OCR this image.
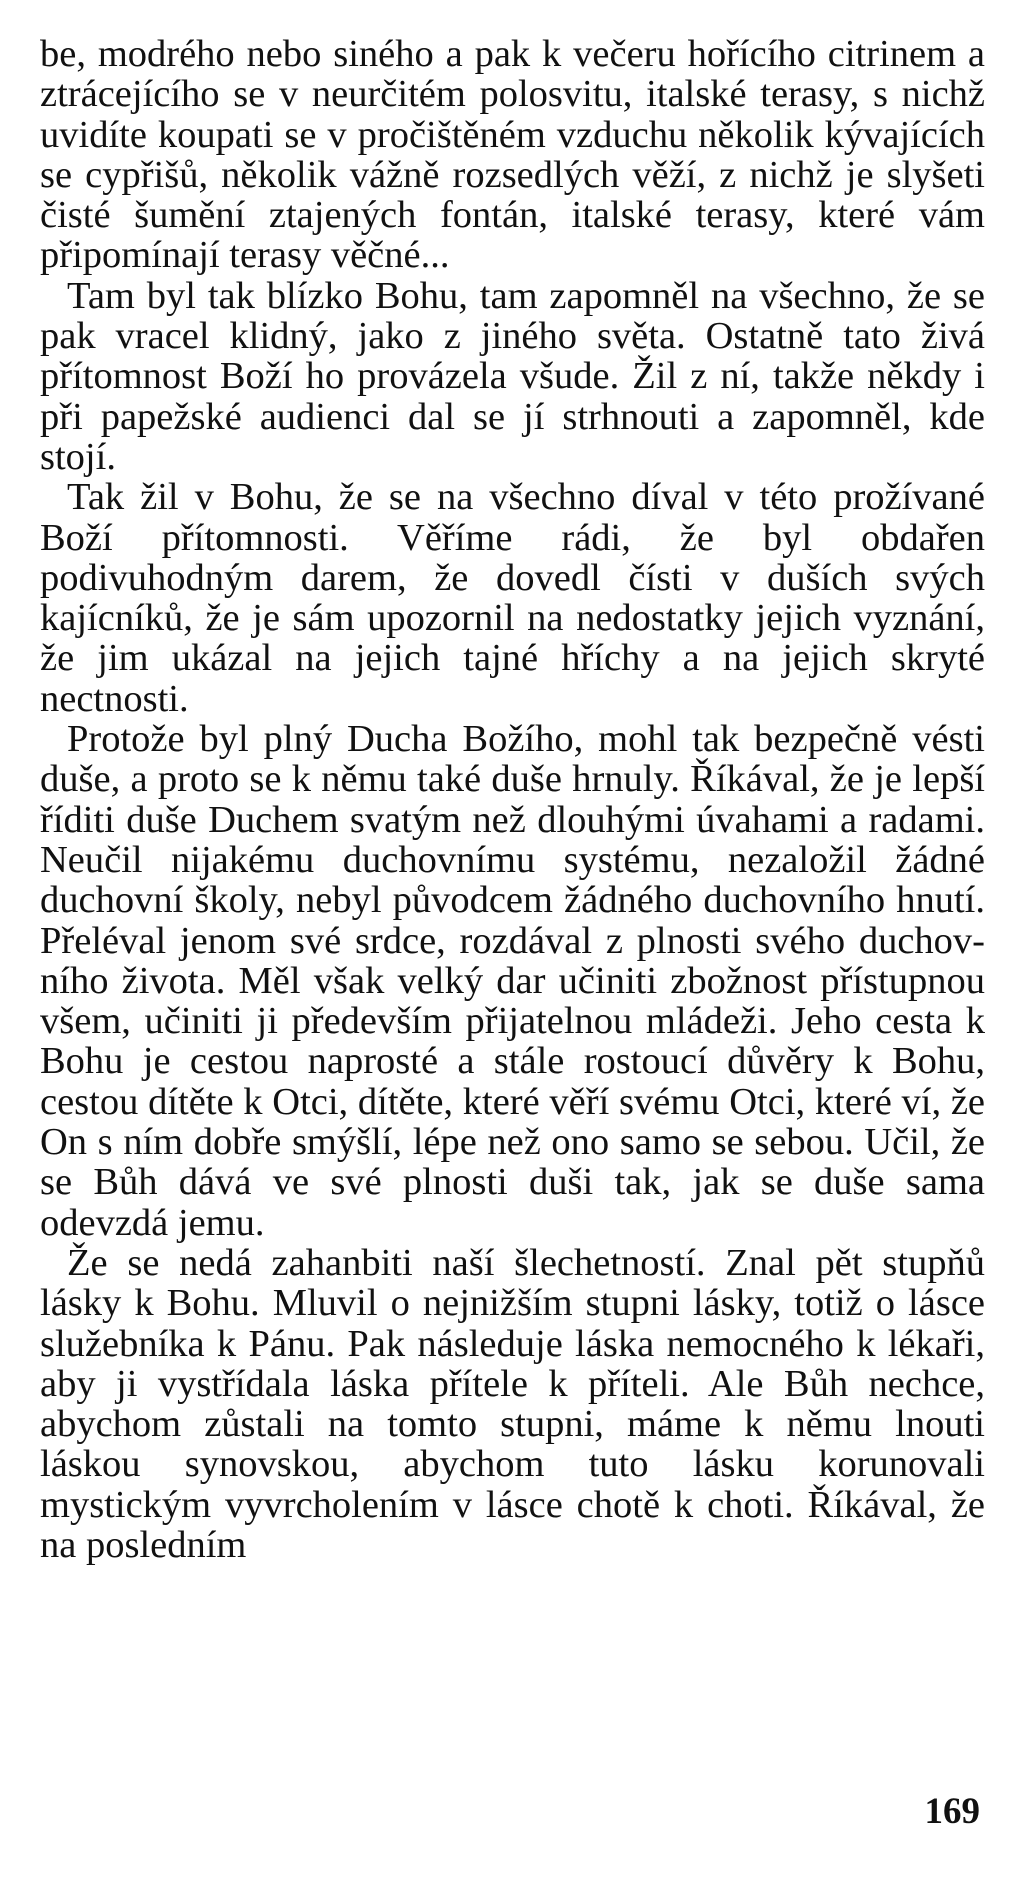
be, modrého nebo siného a pak k večeru hořícího citrinem a ztrácejícího se v neurčitém polosvitu, italské terasy, s nichž uvidíte koupati se v pročištěném vzduchu několik kývajících se cypřišů, několik vážně rozsedlých věží, z nichž je slyšeti čisté šumění ztajených fontán, italské terasy, které vám připomínají terasy věčné...

Tam byl tak blízko Bohu, tam zapomněl na všechno, že se pak vracel klidný, jako z jiného světa. Ostatně tato živá přítomnost Boží ho provázela všude. Žil z ní, takže někdy i při papežské audienci dal se jí strhnouti a zapomněl, kde stojí.

Tak žil v Bohu, že se na všechno díval v této prožívané Boží přítomnosti. Věříme rádi, že byl obdařen podivuhodným darem, že dovedl čísti v duších svých kajícníků, že je sám upozornil na nedostatky jejich vyznání, že jim ukázal na jejich tajné hříchy a na jejich skryté nectnosti.

Protože byl plný Ducha Božího, mohl tak bezpečně vésti duše, a proto se k němu také duše hrnuly. Říkával, že je lepší říditi duše Duchem svatým než dlouhými úvahami a radami. Neučil nijakému duchovnímu systému, nezaložil žádné duchovní školy, nebyl původcem žádného duchovního hnutí. Přeléval jenom své srdce, rozdával z plnosti svého duchovního života. Měl však velký dar učiniti zbožnost přístupnou všem, učiniti ji především přijatelnou mládeži. Jeho cesta k Bohu je cestou naprosté a stále rostoucí důvěry k Bohu, cestou dítěte k Otci, dítěte, které věří svému Otci, které ví, že On s ním dobře smýšlí, lépe než ono samo se sebou. Učil, že se Bůh dává ve své plnosti duši tak, jak se duše sama odevzdá jemu.

Že se nedá zahanbiti naší šlechetností. Znal pět stupňů lásky k Bohu. Mluvil o nejnižším stupni lásky, totiž o lásce služebníka k Pánu. Pak následuje láska nemocného k lékaři, aby ji vystřídala láska přítele k příteli. Ale Bůh nechce, abychom zůstali na tomto stupni, máme k němu lnouti láskou synovskou, abychom tuto lásku korunovali mystickým vyvrcholením v lásce chotě k choti. Říkával, že na posledním

169
